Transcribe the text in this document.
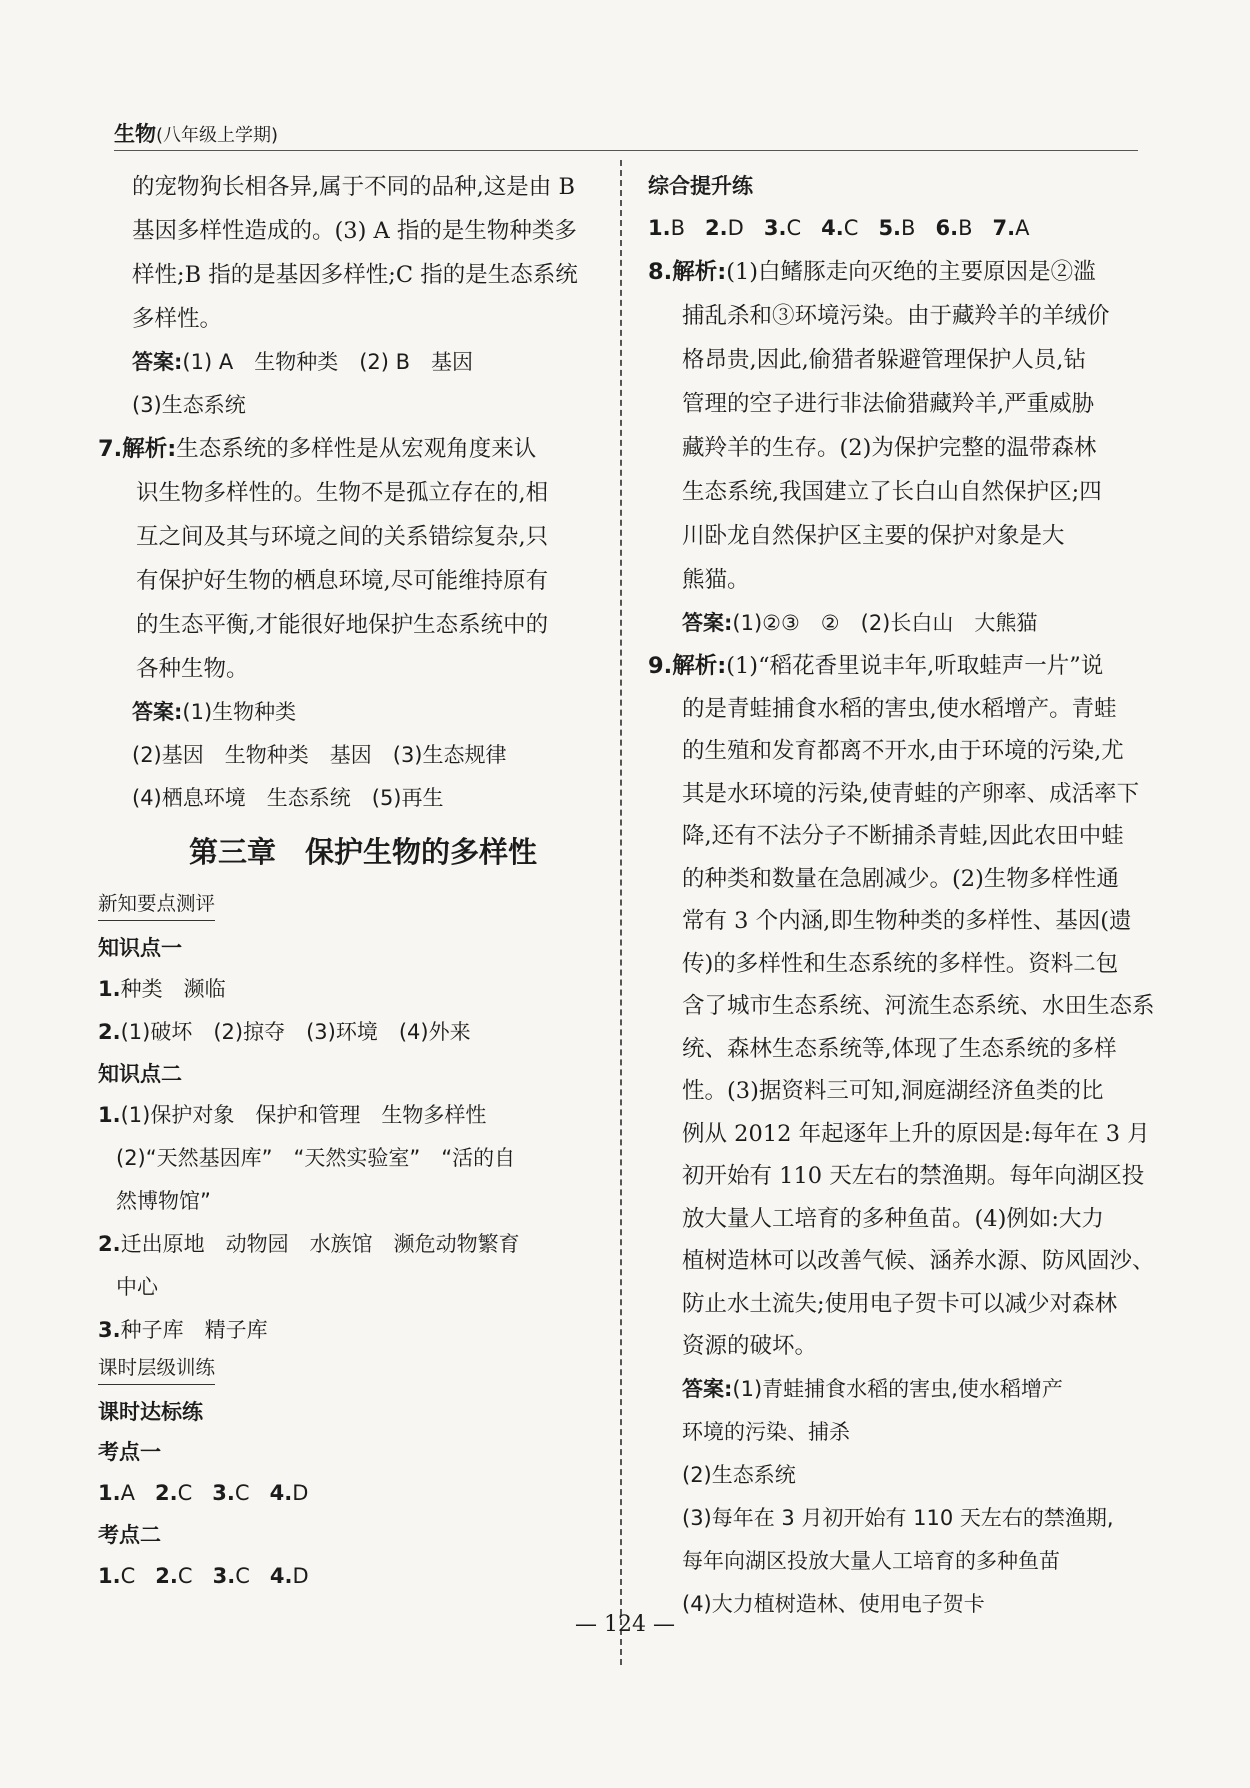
生物(八年级上学期)
的宠物狗长相各异,属于不同的品种,这是由 B
基因多样性造成的。(3) A 指的是生物种类多
样性;B 指的是基因多样性;C 指的是生态系统
多样性。
答案:(1) A　生物种类　(2) B　基因
(3)生态系统
7.解析:生态系统的多样性是从宏观角度来认
识生物多样性的。生物不是孤立存在的,相
互之间及其与环境之间的关系错综复杂,只
有保护好生物的栖息环境,尽可能维持原有
的生态平衡,才能很好地保护生态系统中的
各种生物。
答案:(1)生物种类
(2)基因　生物种类　基因　(3)生态规律
(4)栖息环境　生态系统　(5)再生
第三章　保护生物的多样性
新知要点测评
知识点一
1.种类　濒临
2.(1)破坏　(2)掠夺　(3)环境　(4)外来
知识点二
1.(1)保护对象　保护和管理　生物多样性
(2)“天然基因库”　“天然实验室”　“活的自
然博物馆”
2.迁出原地　动物园　水族馆　濒危动物繁育
中心
3.种子库　精子库
课时层级训练
课时达标练
考点一
1.A 2.C 3.C 4.D
考点二
1.C 2.C 3.C 4.D
综合提升练
1.B 2.D 3.C 4.C 5.B 6.B 7.A
8.解析:(1)白鳍豚走向灭绝的主要原因是②滥
捕乱杀和③环境污染。由于藏羚羊的羊绒价
格昂贵,因此,偷猎者躲避管理保护人员,钻
管理的空子进行非法偷猎藏羚羊,严重威胁
藏羚羊的生存。(2)为保护完整的温带森林
生态系统,我国建立了长白山自然保护区;四
川卧龙自然保护区主要的保护对象是大
熊猫。
答案:(1)②③　②　(2)长白山　大熊猫
9.解析:(1)“稻花香里说丰年,听取蛙声一片”说
的是青蛙捕食水稻的害虫,使水稻增产。青蛙
的生殖和发育都离不开水,由于环境的污染,尤
其是水环境的污染,使青蛙的产卵率、成活率下
降,还有不法分子不断捕杀青蛙,因此农田中蛙
的种类和数量在急剧减少。(2)生物多样性通
常有 3 个内涵,即生物种类的多样性、基因(遗
传)的多样性和生态系统的多样性。资料二包
含了城市生态系统、河流生态系统、水田生态系
统、森林生态系统等,体现了生态系统的多样
性。(3)据资料三可知,洞庭湖经济鱼类的比
例从 2012 年起逐年上升的原因是:每年在 3 月
初开始有 110 天左右的禁渔期。每年向湖区投
放大量人工培育的多种鱼苗。(4)例如:大力
植树造林可以改善气候、涵养水源、防风固沙、
防止水土流失;使用电子贺卡可以减少对森林
资源的破坏。
答案:(1)青蛙捕食水稻的害虫,使水稻增产
环境的污染、捕杀
(2)生态系统
(3)每年在 3 月初开始有 110 天左右的禁渔期,
每年向湖区投放大量人工培育的多种鱼苗
(4)大力植树造林、使用电子贺卡
— 124 —
